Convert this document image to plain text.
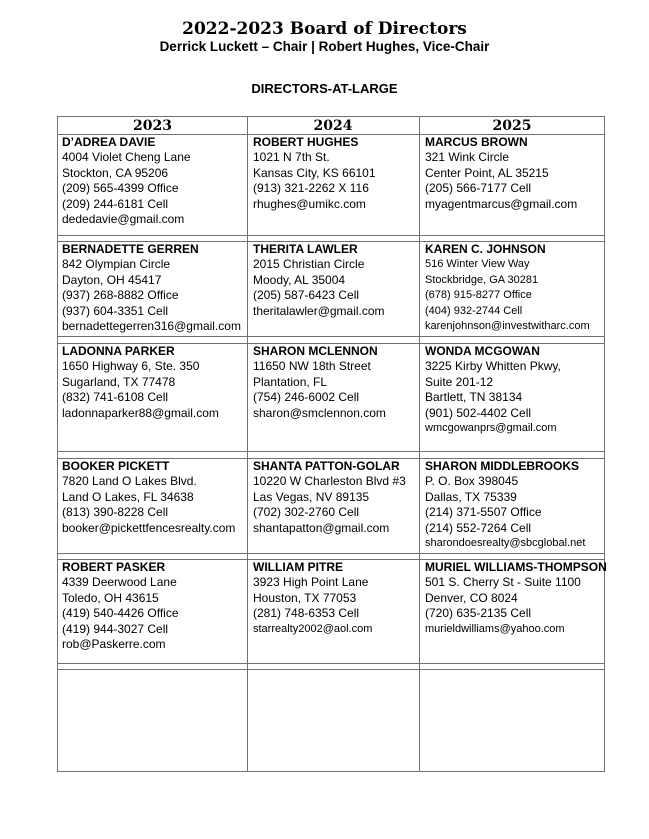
2022-2023 Board of Directors
Derrick Luckett – Chair | Robert Hughes, Vice-Chair
DIRECTORS-AT-LARGE
2023	2024	2025
D’ADREA DAVIE
4004 Violet Cheng Lane
Stockton, CA 95206
(209) 565-4399 Office
(209) 244-6181 Cell
dededavie@gmail.com
ROBERT HUGHES
1021 N 7th St.
Kansas City, KS 66101
(913) 321-2262 X 116
rhughes@umikc.com
MARCUS BROWN
321 Wink Circle
Center Point, AL 35215
(205) 566-7177 Cell
myagentmarcus@gmail.com
BERNADETTE GERREN
842 Olympian Circle
Dayton, OH 45417
(937) 268-8882 Office
(937) 604-3351 Cell
bernadettegerren316@gmail.com
THERITA LAWLER
2015 Christian Circle
Moody, AL 35004
(205) 587-6423 Cell
theritalawler@gmail.com
KAREN C. JOHNSON
516 Winter View Way
Stockbridge, GA 30281
(678) 915-8277 Office
(404) 932-2744 Cell
karenjohnson@investwitharc.com
LADONNA PARKER
1650 Highway 6, Ste. 350
Sugarland, TX 77478
(832) 741-6108 Cell
ladonnaparker88@gmail.com
SHARON MCLENNON
11650 NW 18th Street
Plantation, FL
(754) 246-6002 Cell
sharon@smclennon.com
WONDA MCGOWAN
3225 Kirby Whitten Pkwy,
Suite 201-12
Bartlett, TN 38134
(901) 502-4402 Cell
wmcgowanprs@gmail.com
BOOKER PICKETT
7820 Land O Lakes Blvd.
Land O Lakes, FL 34638
(813) 390-8228 Cell
booker@pickettfencesrealty.com
SHANTA PATTON-GOLAR
10220 W Charleston Blvd #3
Las Vegas, NV 89135
(702) 302-2760 Cell
shantapatton@gmail.com
SHARON MIDDLEBROOKS
P. O. Box 398045
Dallas, TX 75339
(214) 371-5507 Office
(214) 552-7264 Cell
sharondoesrealty@sbcglobal.net
ROBERT PASKER
4339 Deerwood Lane
Toledo, OH 43615
(419) 540-4426 Office
(419) 944-3027 Cell
rob@Paskerre.com
WILLIAM PITRE
3923 High Point Lane
Houston, TX 77053
(281) 748-6353 Cell
starrealty2002@aol.com
MURIEL WILLIAMS-THOMPSON
501 S. Cherry St - Suite 1100
Denver, CO 8024
(720) 635-2135 Cell
murieldwilliams@yahoo.com
